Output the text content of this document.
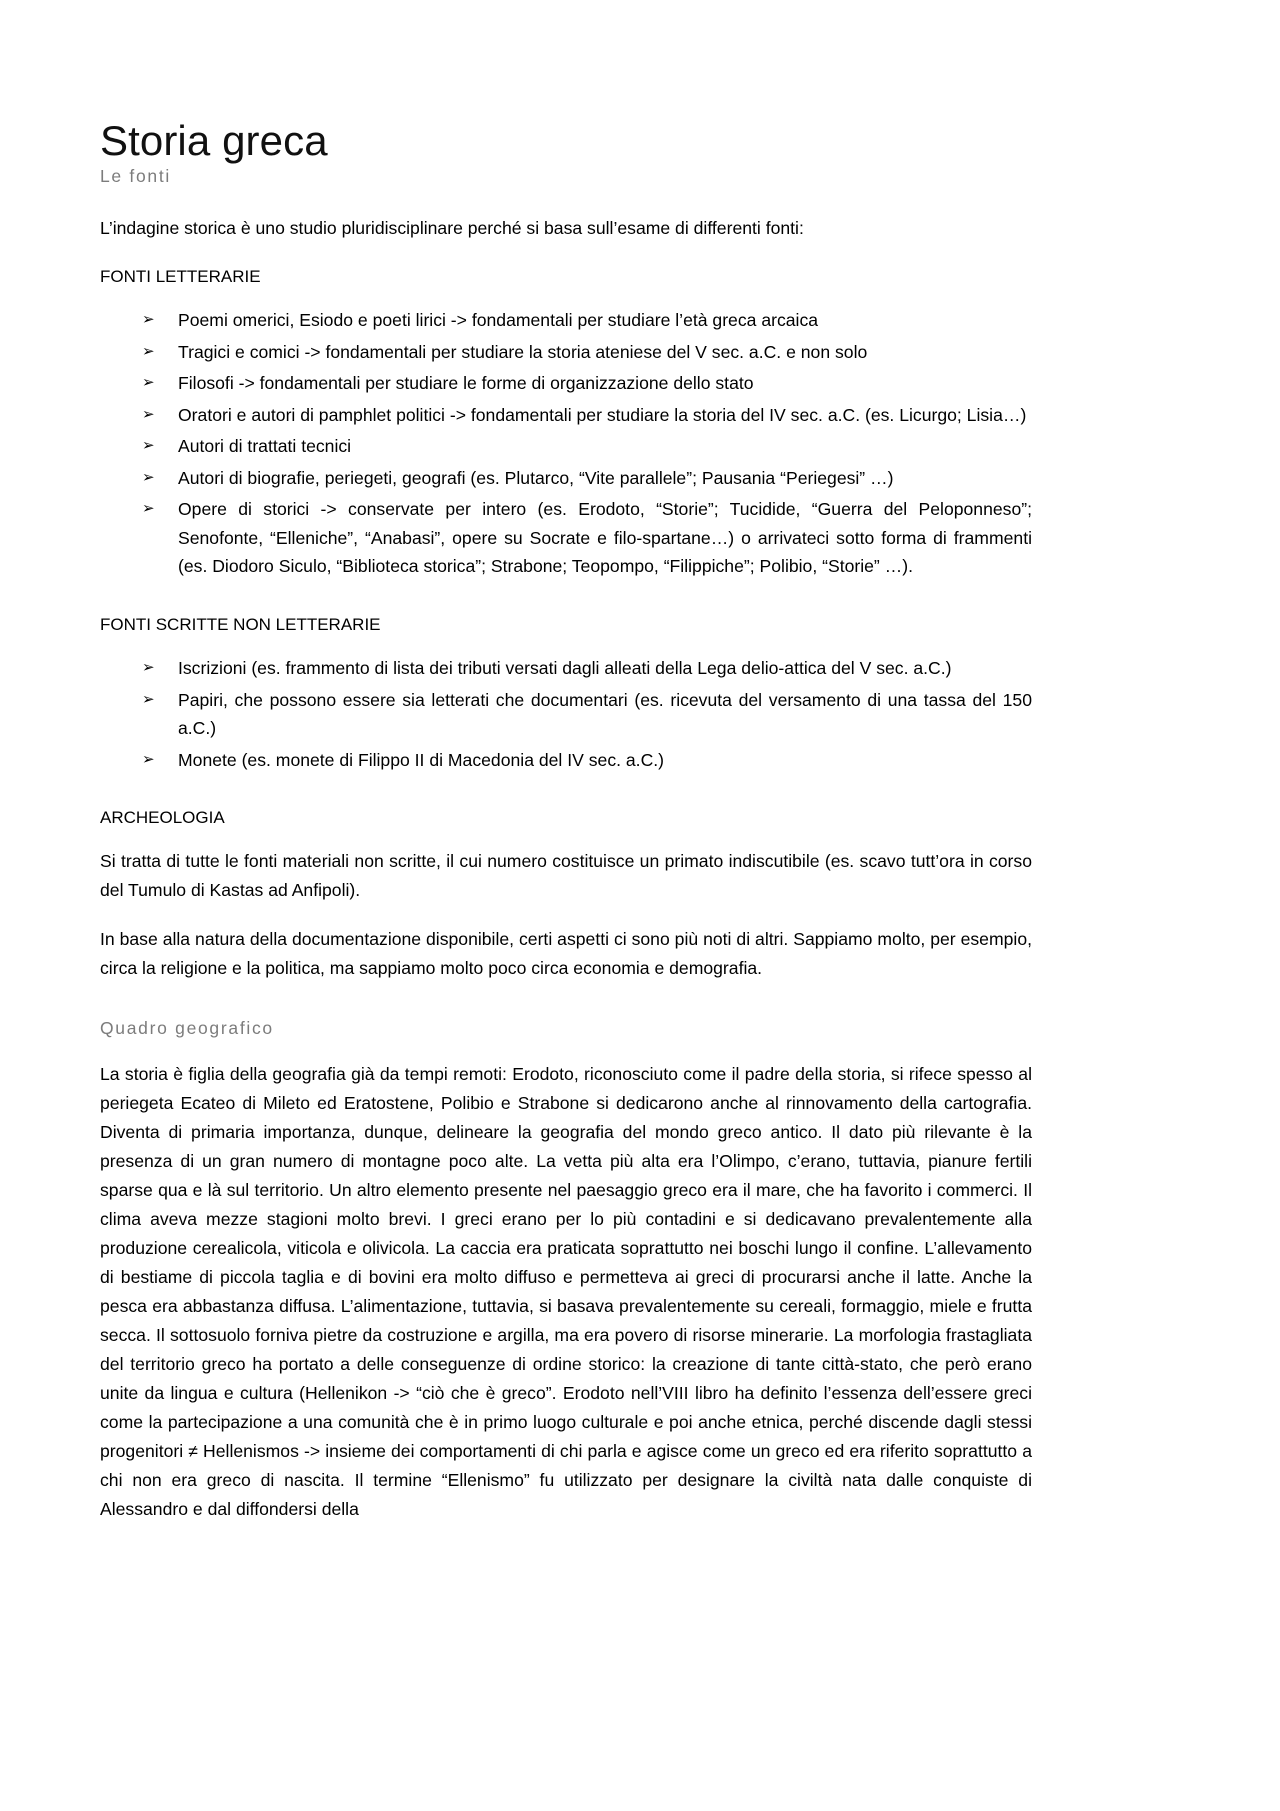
Storia greca
Le fonti

L’indagine storica è uno studio pluridisciplinare perché si basa sull’esame di differenti fonti:

FONTI LETTERARIE

➢ Poemi omerici, Esiodo e poeti lirici -> fondamentali per studiare l’età greca arcaica
➢ Tragici e comici -> fondamentali per studiare la storia ateniese del V sec. a.C. e non solo
➢ Filosofi -> fondamentali per studiare le forme di organizzazione dello stato
➢ Oratori e autori di pamphlet politici -> fondamentali per studiare la storia del IV sec. a.C. (es. Licurgo; Lisia…)
➢ Autori di trattati tecnici
➢ Autori di biografie, periegeti, geografi (es. Plutarco, “Vite parallele”; Pausania “Periegesi” …)
➢ Opere di storici -> conservate per intero (es. Erodoto, “Storie”; Tucidide, “Guerra del Peloponneso”; Senofonte, “Elleniche”, “Anabasi”, opere su Socrate e filo-spartane…) o arrivateci sotto forma di frammenti (es. Diodoro Siculo, “Biblioteca storica”; Strabone; Teopompo, “Filippiche”; Polibio, “Storie” …).

FONTI SCRITTE NON LETTERARIE

➢ Iscrizioni (es. frammento di lista dei tributi versati dagli alleati della Lega delio-attica del V sec. a.C.)
➢ Papiri, che possono essere sia letterati che documentari (es. ricevuta del versamento di una tassa del 150 a.C.)
➢ Monete (es. monete di Filippo II di Macedonia del IV sec. a.C.)

ARCHEOLOGIA

Si tratta di tutte le fonti materiali non scritte, il cui numero costituisce un primato indiscutibile (es. scavo tutt’ora in corso del Tumulo di Kastas ad Anfipoli).

In base alla natura della documentazione disponibile, certi aspetti ci sono più noti di altri. Sappiamo molto, per esempio, circa la religione e la politica, ma sappiamo molto poco circa economia e demografia.

Quadro geografico

La storia è figlia della geografia già da tempi remoti: Erodoto, riconosciuto come il padre della storia, si rifece spesso al periegeta Ecateo di Mileto ed Eratostene, Polibio e Strabone si dedicarono anche al rinnovamento della cartografia. Diventa di primaria importanza, dunque, delineare la geografia del mondo greco antico. Il dato più rilevante è la presenza di un gran numero di montagne poco alte. La vetta più alta era l’Olimpo, c’erano, tuttavia, pianure fertili sparse qua e là sul territorio. Un altro elemento presente nel paesaggio greco era il mare, che ha favorito i commerci. Il clima aveva mezze stagioni molto brevi. I greci erano per lo più contadini e si dedicavano prevalentemente alla produzione cerealicola, viticola e olivicola. La caccia era praticata soprattutto nei boschi lungo il confine. L’allevamento di bestiame di piccola taglia e di bovini era molto diffuso e permetteva ai greci di procurarsi anche il latte. Anche la pesca era abbastanza diffusa. L’alimentazione, tuttavia, si basava prevalentemente su cereali, formaggio, miele e frutta secca. Il sottosuolo forniva pietre da costruzione e argilla, ma era povero di risorse minerarie. La morfologia frastagliata del territorio greco ha portato a delle conseguenze di ordine storico: la creazione di tante città-stato, che però erano unite da lingua e cultura (Hellenikon -> “ciò che è greco”. Erodoto nell’VIII libro ha definito l’essenza dell’essere greci come la partecipazione a una comunità che è in primo luogo culturale e poi anche etnica, perché discende dagli stessi progenitori ≠ Hellenismos -> insieme dei comportamenti di chi parla e agisce come un greco ed era riferito soprattutto a chi non era greco di nascita. Il termine “Ellenismo” fu utilizzato per designare la civiltà nata dalle conquiste di Alessandro e dal diffondersi della
